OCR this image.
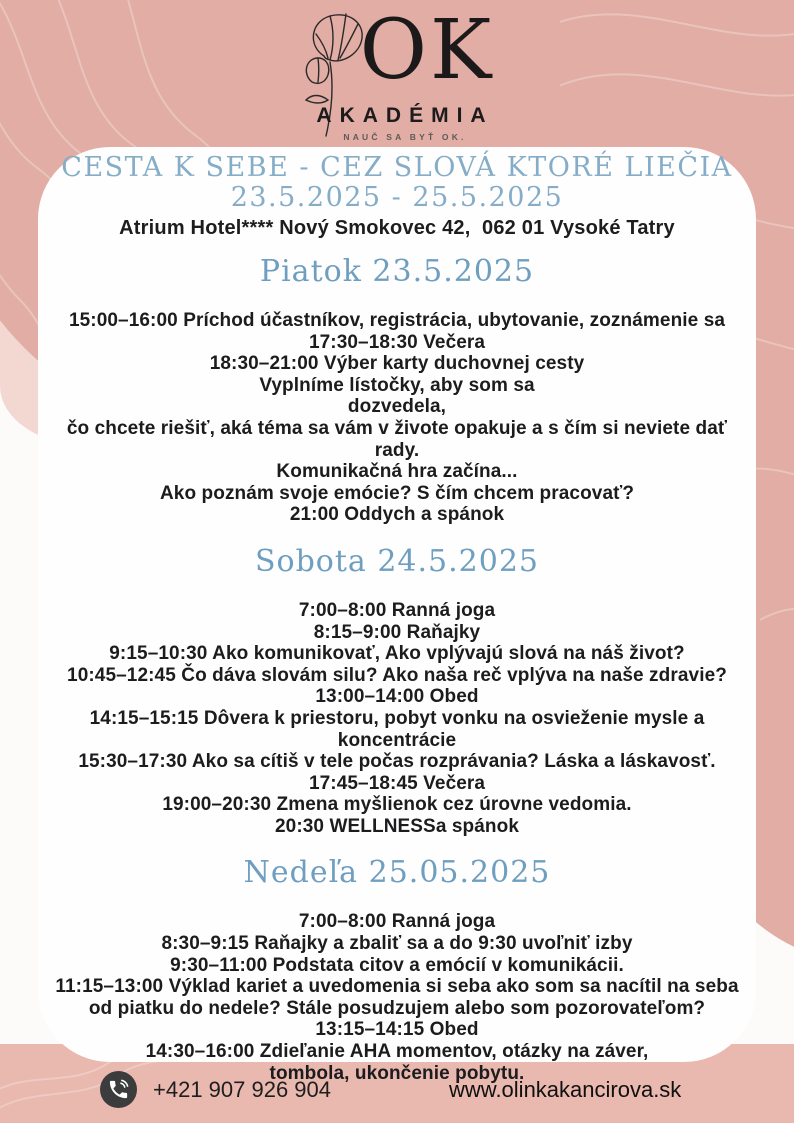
OK
AKADÉMIA
NAUČ SA BYŤ OK.
CESTA K SEBE - CEZ SLOVÁ KTORÉ LIEČIA
23.5.2025 - 25.5.2025
Atrium Hotel**** Nový Smokovec 42,  062 01 Vysoké Tatry
Piatok 23.5.2025
15:00–16:00 Príchod účastníkov, registrácia, ubytovanie, zoznámenie sa
17:30–18:30 Večera
18:30–21:00 Výber karty duchovnej cesty
Vyplníme lístočky, aby som sa
dozvedela,
čo chcete riešiť, aká téma sa vám v živote opakuje a s čím si neviete dať
rady.
Komunikačná hra začína...
Ako poznám svoje emócie? S čím chcem pracovať?
21:00 Oddych a spánok
Sobota 24.5.2025
7:00–8:00 Ranná joga
8:15–9:00 Raňajky
9:15–10:30 Ako komunikovať, Ako vplývajú slová na náš život?
10:45–12:45 Čo dáva slovám silu? Ako naša reč vplýva na naše zdravie?
13:00–14:00 Obed
14:15–15:15 Dôvera k priestoru, pobyt vonku na osvieženie mysle a
koncentrácie
15:30–17:30 Ako sa cítiš v tele počas rozprávania? Láska a láskavosť.
17:45–18:45 Večera
19:00–20:30 Zmena myšlienok cez úrovne vedomia.
20:30 WELLNESSa spánok
Nedeľa 25.05.2025
7:00–8:00 Ranná joga
8:30–9:15 Raňajky a zbaliť sa a do 9:30 uvoľniť izby
9:30–11:00 Podstata citov a emócií v komunikácii.
11:15–13:00 Výklad kariet a uvedomenia si seba ako som sa nacítil na seba
od piatku do nedele? Stále posudzujem alebo som pozorovateľom?
13:15–14:15 Obed
14:30–16:00 Zdieľanie AHA momentov, otázky na záver,
tombola, ukončenie pobytu.
+421 907 926 904	www.olinkakancirova.sk
